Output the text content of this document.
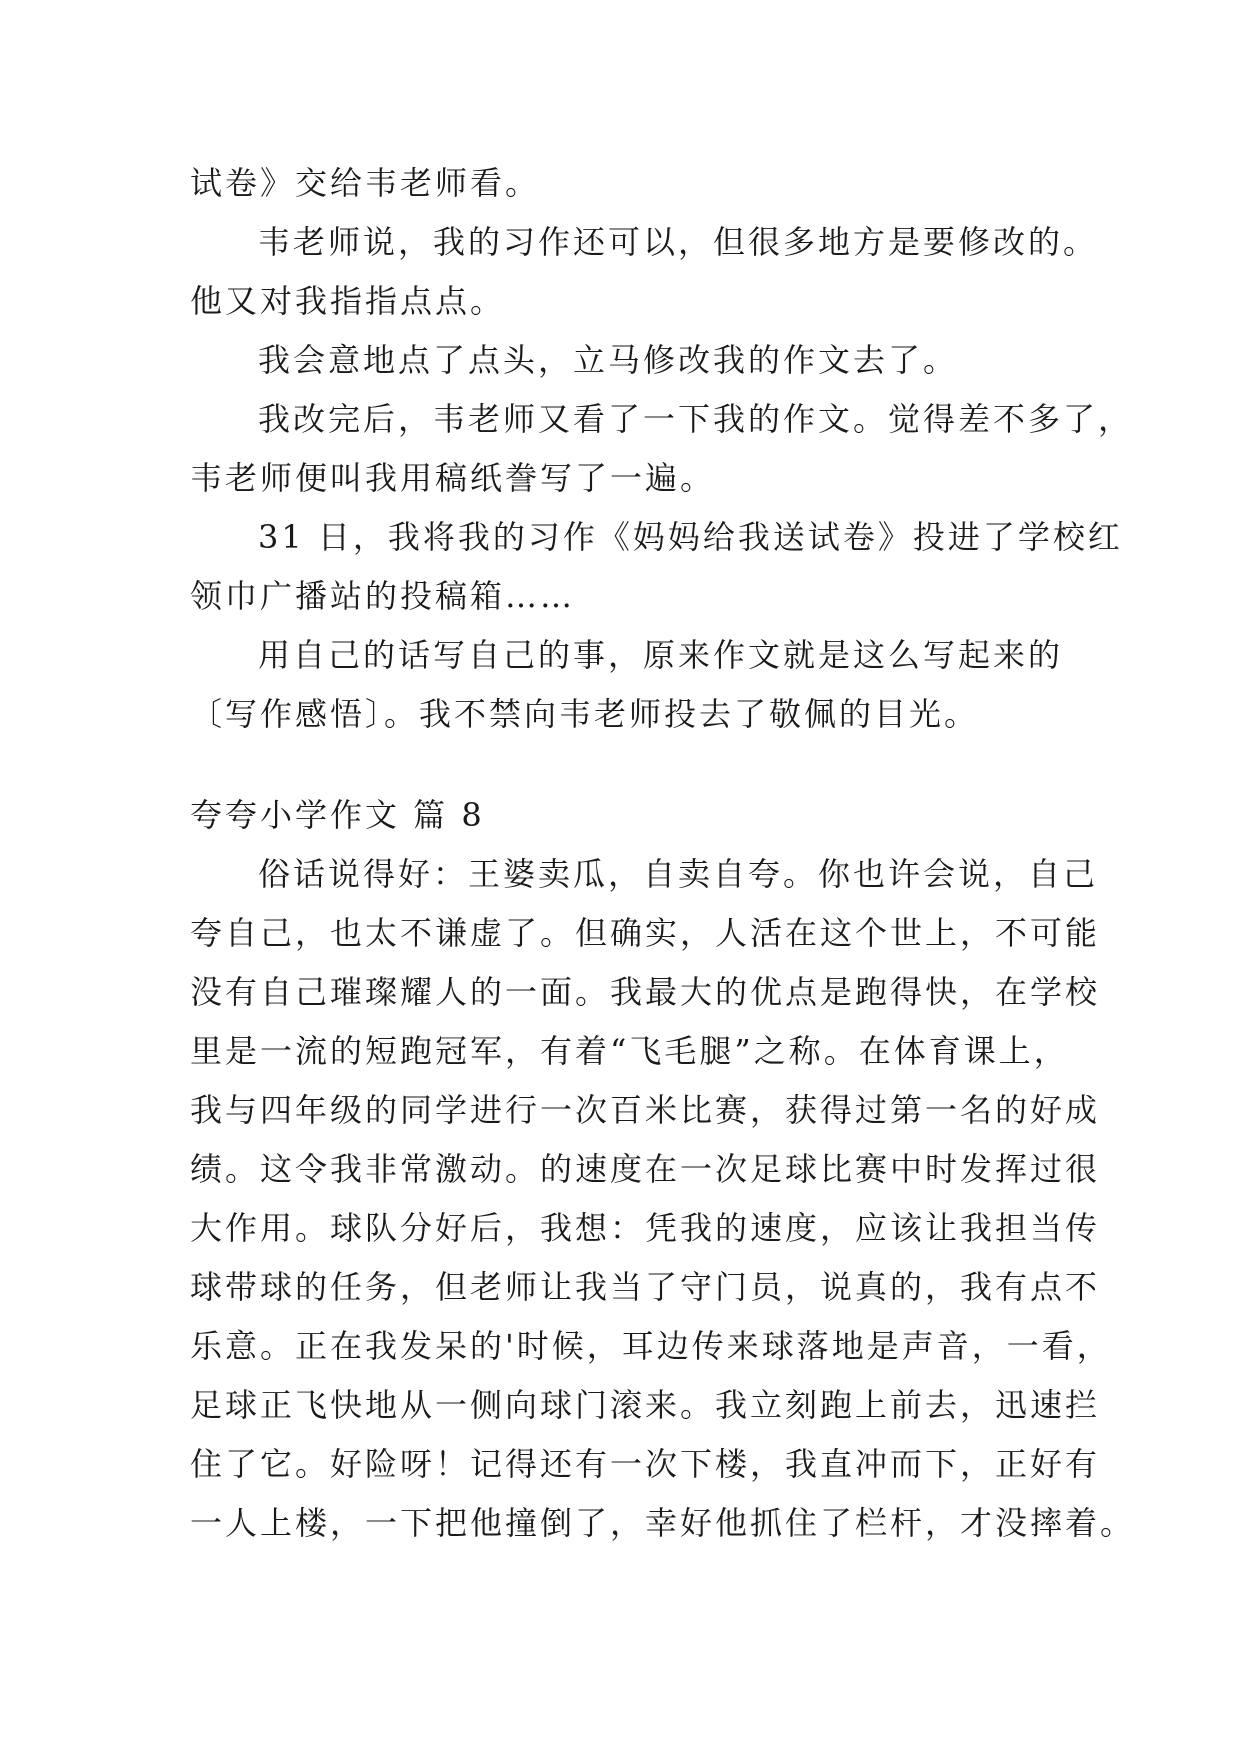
试卷》交给韦老师看。
韦老师说，我的习作还可以，但很多地方是要修改的。
他又对我指指点点。
我会意地点了点头，立马修改我的作文去了。
我改完后，韦老师又看了一下我的作文。觉得差不多了，
韦老师便叫我用稿纸誊写了一遍。
31 日，我将我的习作《妈妈给我送试卷》投进了学校红
领巾广播站的投稿箱……
用自己的话写自己的事，原来作文就是这么写起来的
〔写作感悟〕。我不禁向韦老师投去了敬佩的目光。
夸夸小学作文 篇 8
俗话说得好：王婆卖瓜，自卖自夸。你也许会说，自己
夸自己，也太不谦虚了。但确实，人活在这个世上，不可能
没有自己璀璨耀人的一面。我最大的优点是跑得快，在学校
里是一流的短跑冠军，有着“飞毛腿”之称。在体育课上，
我与四年级的同学进行一次百米比赛，获得过第一名的好成
绩。这令我非常激动。的速度在一次足球比赛中时发挥过很
大作用。球队分好后，我想：凭我的速度，应该让我担当传
球带球的任务，但老师让我当了守门员，说真的，我有点不
乐意。正在我发呆的'时候，耳边传来球落地是声音，一看，
足球正飞快地从一侧向球门滚来。我立刻跑上前去，迅速拦
住了它。好险呀！记得还有一次下楼，我直冲而下，正好有
一人上楼，一下把他撞倒了，幸好他抓住了栏杆，才没摔着。
